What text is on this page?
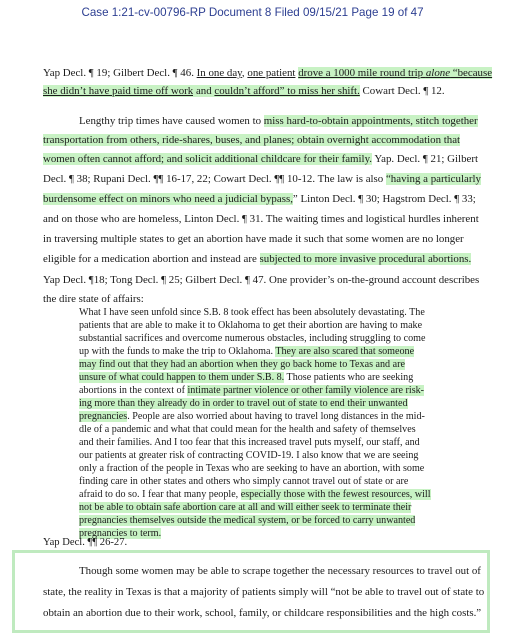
Case 1:21-cv-00796-RP Document 8 Filed 09/15/21 Page 19 of 47
Yap Decl. ¶ 19; Gilbert Decl. ¶ 46. In one day, one patient drove a 1000 mile round trip alone “because
she didn’t have paid time off work and couldn’t afford” to miss her shift. Cowart Decl. ¶ 12.
Lengthy trip times have caused women to miss hard-to-obtain appointments, stitch together
transportation from others, ride-shares, buses, and planes; obtain overnight accommodation that
women often cannot afford; and solicit additional childcare for their family. Yap. Decl. ¶ 21; Gilbert
Decl. ¶ 38; Rupani Decl. ¶¶ 16-17, 22; Cowart Decl. ¶¶ 10-12. The law is also “having a particularly
burdensome effect on minors who need a judicial bypass,” Linton Decl. ¶ 30; Hagstrom Decl. ¶ 33;
and on those who are homeless, Linton Decl. ¶ 31. The waiting times and logistical hurdles inherent
in traversing multiple states to get an abortion have made it such that some women are no longer
eligible for a medication abortion and instead are subjected to more invasive procedural abortions.
Yap Decl. ¶18; Tong Decl. ¶ 25; Gilbert Decl. ¶ 47. One provider’s on-the-ground account describes
the dire state of affairs:
What I have seen unfold since S.B. 8 took effect has been absolutely devastating. The
patients that are able to make it to Oklahoma to get their abortion are having to make
substantial sacrifices and overcome numerous obstacles, including struggling to come
up with the funds to make the trip to Oklahoma. They are also scared that someone
may find out that they had an abortion when they go back home to Texas and are
unsure of what could happen to them under S.B. 8. Those patients who are seeking
abortions in the context of intimate partner violence or other family violence are risk-
ing more than they already do in order to travel out of state to end their unwanted
pregnancies. People are also worried about having to travel long distances in the mid-
dle of a pandemic and what that could mean for the health and safety of themselves
and their families. And I too fear that this increased travel puts myself, our staff, and
our patients at greater risk of contracting COVID-19. I also know that we are seeing
only a fraction of the people in Texas who are seeking to have an abortion, with some
finding care in other states and others who simply cannot travel out of state or are
afraid to do so. I fear that many people, especially those with the fewest resources, will
not be able to obtain safe abortion care at all and will either seek to terminate their
pregnancies themselves outside the medical system, or be forced to carry unwanted
pregnancies to term.
Yap Decl. ¶¶ 26-27.
Though some women may be able to scrape together the necessary resources to travel out of
state, the reality in Texas is that a majority of patients simply will “not be able to travel out of state to
obtain an abortion due to their work, school, family, or childcare responsibilities and the high costs.”
